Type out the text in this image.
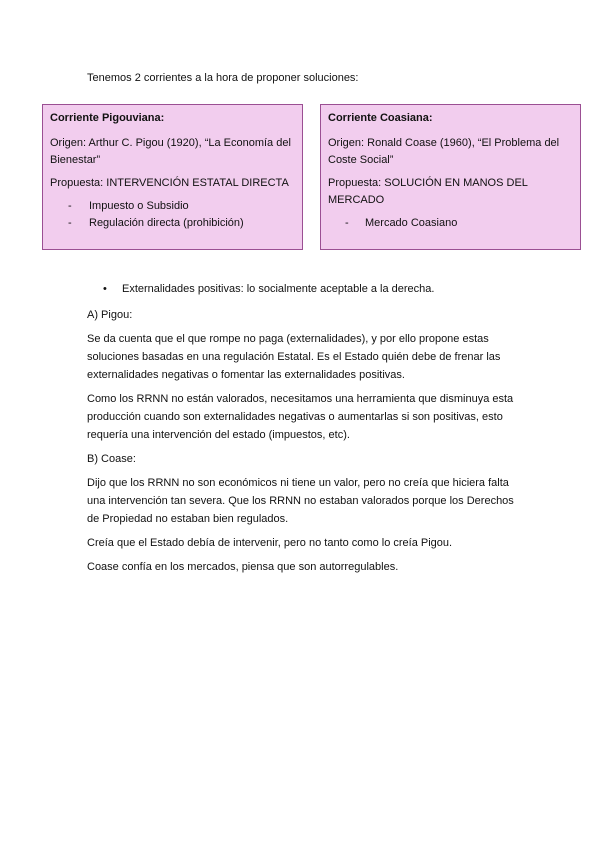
Tenemos 2 corrientes a la hora de proponer soluciones:

Corriente Pigouviana:

Origen: Arthur C. Pigou (1920), “La Economía del Bienestar”

Propuesta: INTERVENCIÓN ESTATAL DIRECTA

- Impuesto o Subsidio
- Regulación directa (prohibición)

Corriente Coasiana:

Origen: Ronald Coase (1960), “El Problema del Coste Social”

Propuesta: SOLUCIÓN EN MANOS DEL MERCADO

- Mercado Coasiano
• Externalidades positivas: lo socialmente aceptable a la derecha.

A) Pigou:

Se da cuenta que el que rompe no paga (externalidades), y por ello propone estas soluciones basadas en una regulación Estatal. Es el Estado quién debe de frenar las externalidades negativas o fomentar las externalidades positivas.

Como los RRNN no están valorados, necesitamos una herramienta que disminuya esta producción cuando son externalidades negativas o aumentarlas si son positivas, esto requería una intervención del estado (impuestos, etc).

B) Coase:

Dijo que los RRNN no son económicos ni tiene un valor, pero no creía que hiciera falta una intervención tan severa. Que los RRNN no estaban valorados porque los Derechos de Propiedad no estaban bien regulados.

Creía que el Estado debía de intervenir, pero no tanto como lo creía Pigou.

Coase confía en los mercados, piensa que son autorregulables.
